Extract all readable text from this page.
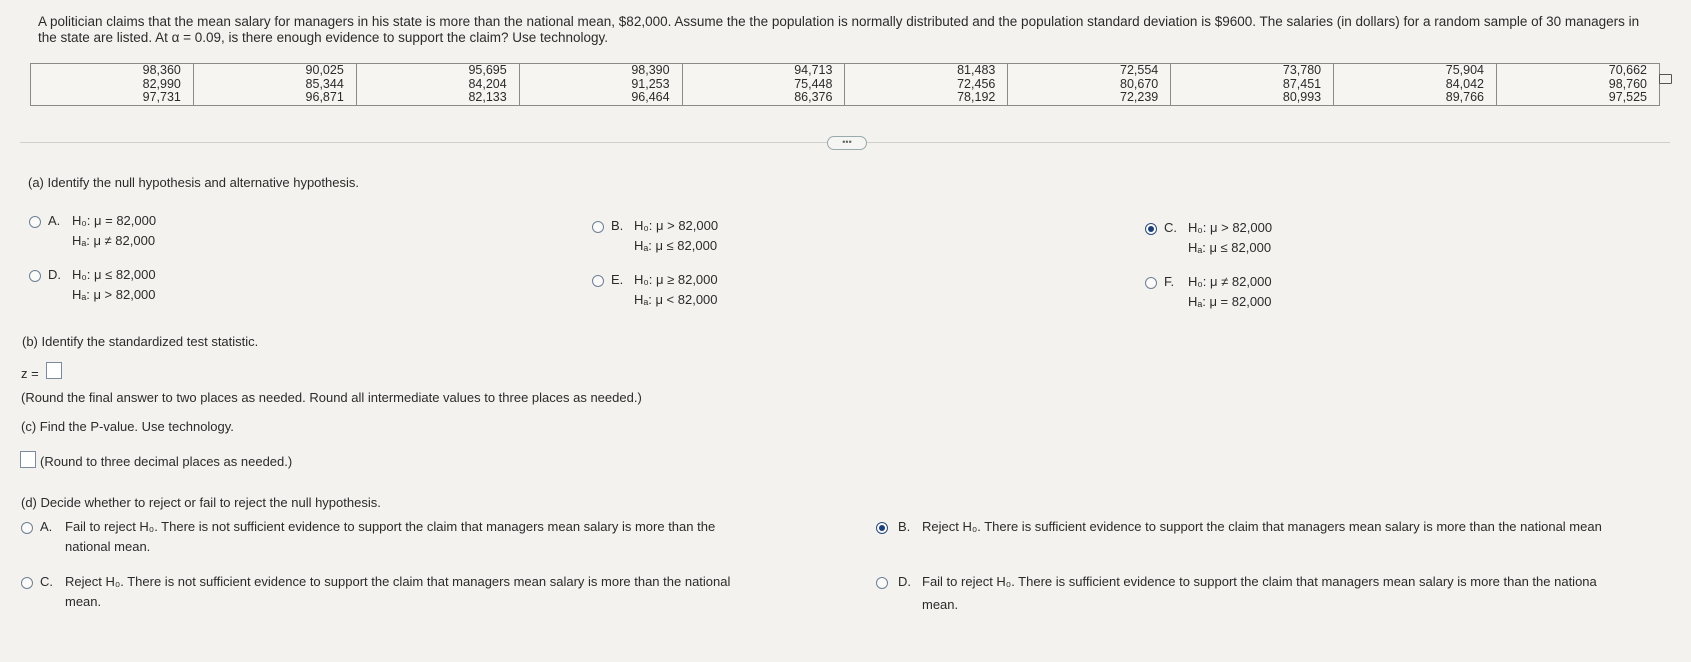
A politician claims that the mean salary for managers in his state is more than the national mean, $82,000. Assume the the population is normally distributed and the population standard deviation is $9600. The salaries (in dollars) for a random sample of 30 managers in the state are listed. At α = 0.09, is there enough evidence to support the claim? Use technology.
98,360	90,025	95,695	98,390	94,713	81,483	72,554	73,780	75,904	70,662
82,990	85,344	84,204	91,253	75,448	72,456	80,670	87,451	84,042	98,760
97,731	96,871	82,133	96,464	86,376	78,192	72,239	80,993	89,766	97,525
•••
(a) Identify the null hypothesis and alternative hypothesis.
A. H₀: μ = 82,000
Hₐ: μ ≠ 82,000
B. H₀: μ > 82,000
Hₐ: μ ≤ 82,000
C. H₀: μ > 82,000
Hₐ: μ ≤ 82,000
D. H₀: μ ≤ 82,000
Hₐ: μ > 82,000
E. H₀: μ ≥ 82,000
Hₐ: μ < 82,000
F. H₀: μ ≠ 82,000
Hₐ: μ = 82,000
(b) Identify the standardized test statistic.
z =
(Round the final answer to two places as needed. Round all intermediate values to three places as needed.)
(c) Find the P-value. Use technology.
(Round to three decimal places as needed.)
(d) Decide whether to reject or fail to reject the null hypothesis.
A. Fail to reject H₀. There is not sufficient evidence to support the claim that managers mean salary is more than the
national mean.
B. Reject H₀. There is sufficient evidence to support the claim that managers mean salary is more than the national mean
C. Reject H₀. There is not sufficient evidence to support the claim that managers mean salary is more than the national
mean.
D. Fail to reject H₀. There is sufficient evidence to support the claim that managers mean salary is more than the nationa
mean.
